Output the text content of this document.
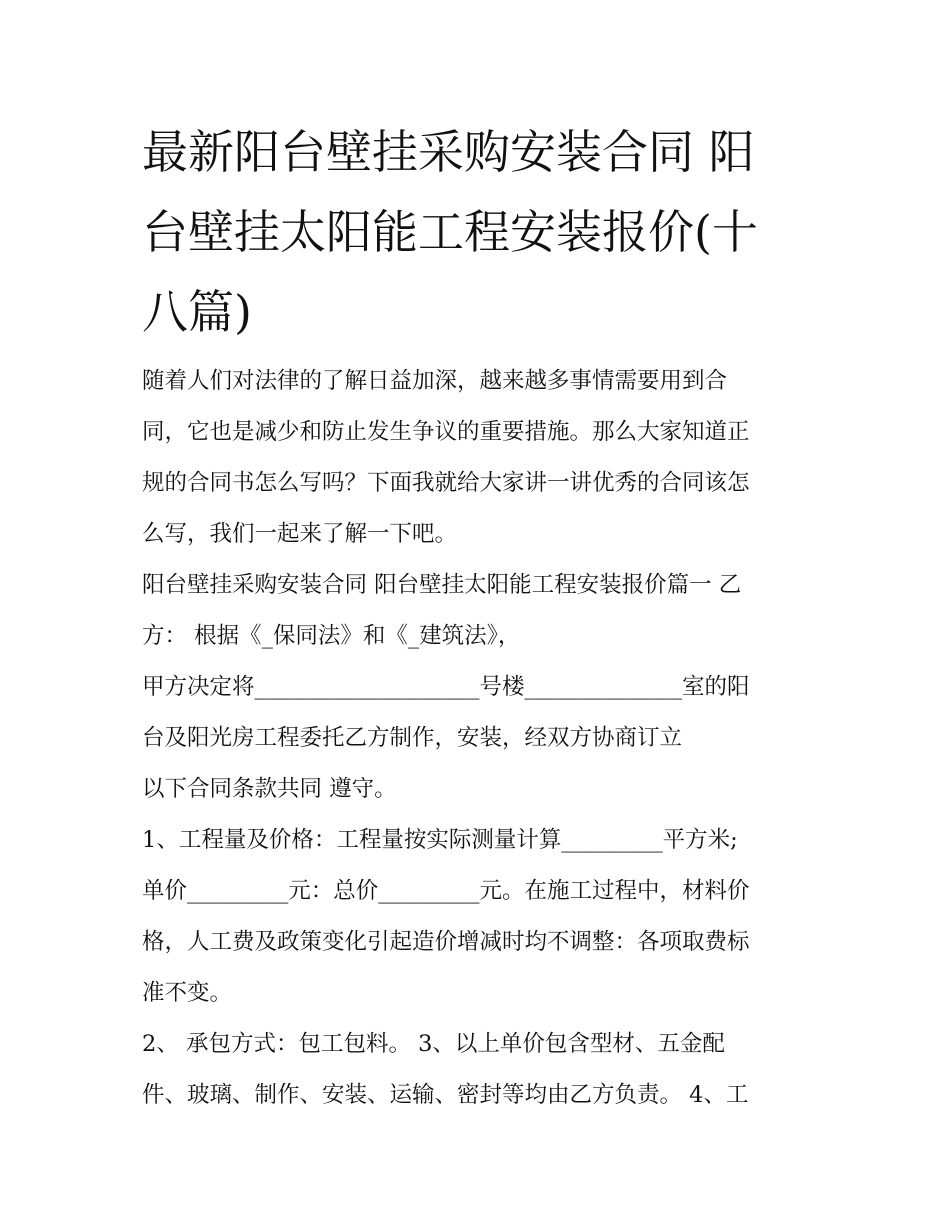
最新阳台壁挂采购安装合同 阳
台壁挂太阳能工程安装报价(十
八篇)
随着人们对法律的了解日益加深，越来越多事情需要用到合
同，它也是减少和防止发生争议的重要措施。那么大家知道正
规的合同书怎么写吗？下面我就给大家讲一讲优秀的合同该怎
么写，我们一起来了解一下吧。
阳台壁挂采购安装合同 阳台壁挂太阳能工程安装报价篇一 乙
方： 根据《_保同法》和《_建筑法》，
甲方决定将____________________号楼______________室的阳
台及阳光房工程委托乙方制作，安装，经双方协商订立
以下合同条款共同 遵守。
1、工程量及价格：工程量按实际测量计算_________平方米;
单价_________元：总价_________元。在施工过程中，材料价
格，人工费及政策变化引起造价增减时均不调整：各项取费标
准不变。
2、 承包方式：包工包料。 3、以上单价包含型材、五金配
件、玻璃、制作、安装、运输、密封等均由乙方负责。 4、工
